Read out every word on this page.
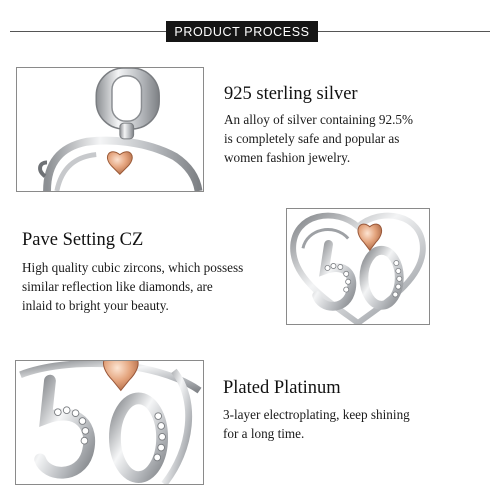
PRODUCT PROCESS
925 sterling silver
An alloy of silver containing 92.5%
is completely safe and popular as
women fashion jewelry.
Pave Setting CZ
High quality cubic zircons, which possess
similar reflection like diamonds, are
inlaid to bright your beauty.
Plated Platinum
3-layer electroplating, keep shining
for a long time.
